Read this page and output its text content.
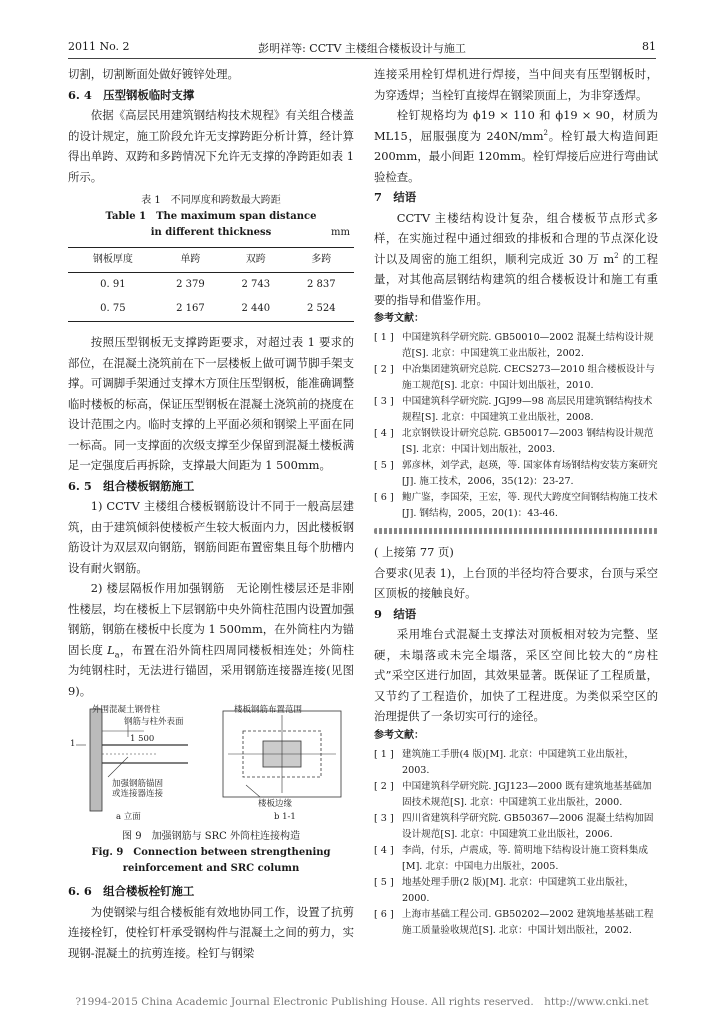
2011 No. 2	彭明祥等: CCTV 主楼组合楼板设计与施工	81

切割，切割断面处做好镀锌处理。

6. 4　压型钢板临时支撑

依据《高层民用建筑钢结构技术规程》有关组合楼盖的设计规定，施工阶段允许无支撑跨距分析计算，经计算得出单跨、双跨和多跨情况下允许无支撑的净跨距如表 1 所示。

表 1　不同厚度和跨数最大跨距
Table 1　The maximum span distance
in different thickness	mm
钢板厚度	单跨	双跨	多跨
0. 91	2 379	2 743	2 837
0. 75	2 167	2 440	2 524

按照压型钢板无支撑跨距要求，对超过表 1 要求的部位，在混凝土浇筑前在下一层楼板上做可调节脚手架支撑。可调脚手架通过支撑木方顶住压型钢板，能准确调整临时楼板的标高，保证压型钢板在混凝土浇筑前的挠度在设计范围之内。临时支撑的上平面必须和钢梁上平面在同一标高。同一支撑面的次级支撑至少保留到混凝土楼板满足一定强度后再拆除，支撑最大间距为 1 500mm。

6. 5　组合楼板钢筋施工

1) CCTV 主楼组合楼板钢筋设计不同于一般高层建筑，由于建筑倾斜使楼板产生较大板面内力，因此楼板钢筋设计为双层双向钢筋，钢筋间距布置密集且每个肋槽内设有耐火钢筋。

2) 楼层隔板作用加强钢筋　无论刚性楼层还是非刚性楼层，均在楼板上下层钢筋中央外筒柱范围内设置加强钢筋，钢筋在楼板中长度为 1 500mm，在外筒柱内为锚固长度 $L_a$，布置在沿外筒柱四周同楼板相连处；外筒柱为纯钢柱时，无法进行锚固，采用钢筋连接器连接(见图 9)。

外围混凝土钢骨柱	楼板钢筋布置范围
钢筋与柱外表面
1 500
加强钢筋锚固
或连接器连接
楼板边缘
1
a 立面	b 1-1
图 9　加强钢筋与 SRC 外筒柱连接构造
Fig. 9　Connection between strengthening
reinforcement and SRC column
6. 6　组合楼板栓钉施工

为使钢梁与组合楼板能有效地协同工作，设置了抗剪连接栓钉，使栓钉杆承受钢构件与混凝土之间的剪力，实现钢-混凝土的抗剪连接。栓钉与钢梁

连接采用栓钉焊机进行焊接，当中间夹有压型钢板时，为穿透焊；当栓钉直接焊在钢梁顶面上，为非穿透焊。

栓钉规格均为 ϕ19 × 110 和 ϕ19 × 90，材质为 ML15，屈服强度为 $240N/mm^2$。栓钉最大构造间距 200mm，最小间距 120mm。栓钉焊接后应进行弯曲试验检查。

7　结语

CCTV 主楼结构设计复杂，组合楼板节点形式多样，在实施过程中通过细致的排板和合理的节点深化设计以及周密的施工组织，顺利完成近 30 万 $m^2$ 的工程量，对其他高层钢结构建筑的组合楼板设计和施工有重要的指导和借鉴作用。

参考文献：
[ 1 ] 中国建筑科学研究院. GB50010—2002 混凝土结构设计规范[S]. 北京：中国建筑工业出版社，2002.
[ 2 ] 中冶集团建筑研究总院. CECS273—2010 组合楼板设计与施工规范[S]. 北京：中国计划出版社，2010.
[ 3 ] 中国建筑科学研究院. JGJ99—98 高层民用建筑钢结构技术规程[S]. 北京：中国建筑工业出版社，2008.
[ 4 ] 北京钢铁设计研究总院. GB50017—2003 钢结构设计规范[S]. 北京：中国计划出版社，2003.
[ 5 ] 郭彦林，刘学武，赵瑛，等. 国家体育场钢结构安装方案研究[J]. 施工技术，2006，35(12)：23-27.
[ 6 ] 鲍广鉴，李国荣，王宏，等. 现代大跨度空间钢结构施工技术[J]. 钢结构，2005，20(1)：43-46.

( 上接第 77 页)

合要求(见表 1)，上台顶的半径均符合要求，台顶与采空区顶板的接触良好。

9　结语

采用堆台式混凝土支撑法对顶板相对较为完整、坚硬，未塌落或未完全塌落，采区空间比较大的“房柱式”采空区进行加固，其效果显著。既保证了工程质量，又节约了工程造价，加快了工程进度。为类似采空区的治理提供了一条切实可行的途径。

参考文献：
[ 1 ] 建筑施工手册(4 版)[M]. 北京：中国建筑工业出版社，2003.
[ 2 ] 中国建筑科学研究院. JGJ123—2000 既有建筑地基基础加固技术规范[S]. 北京：中国建筑工业出版社，2000.
[ 3 ] 四川省建筑科学研究院. GB50367—2006 混凝土结构加固设计规范[S]. 北京：中国建筑工业出版社，2006.
[ 4 ] 李尚，付乐，卢震成，等. 简明地下结构设计施工资料集成[M]. 北京：中国电力出版社，2005.
[ 5 ] 地基处理手册(2 版)[M]. 北京：中国建筑工业出版社，2000.
[ 6 ] 上海市基础工程公司. GB50202—2002 建筑地基基础工程施工质量验收规范[S]. 北京：中国计划出版社，2002.
?1994-2015 China Academic Journal Electronic Publishing House. All rights reserved.　http://www.cnki.net
